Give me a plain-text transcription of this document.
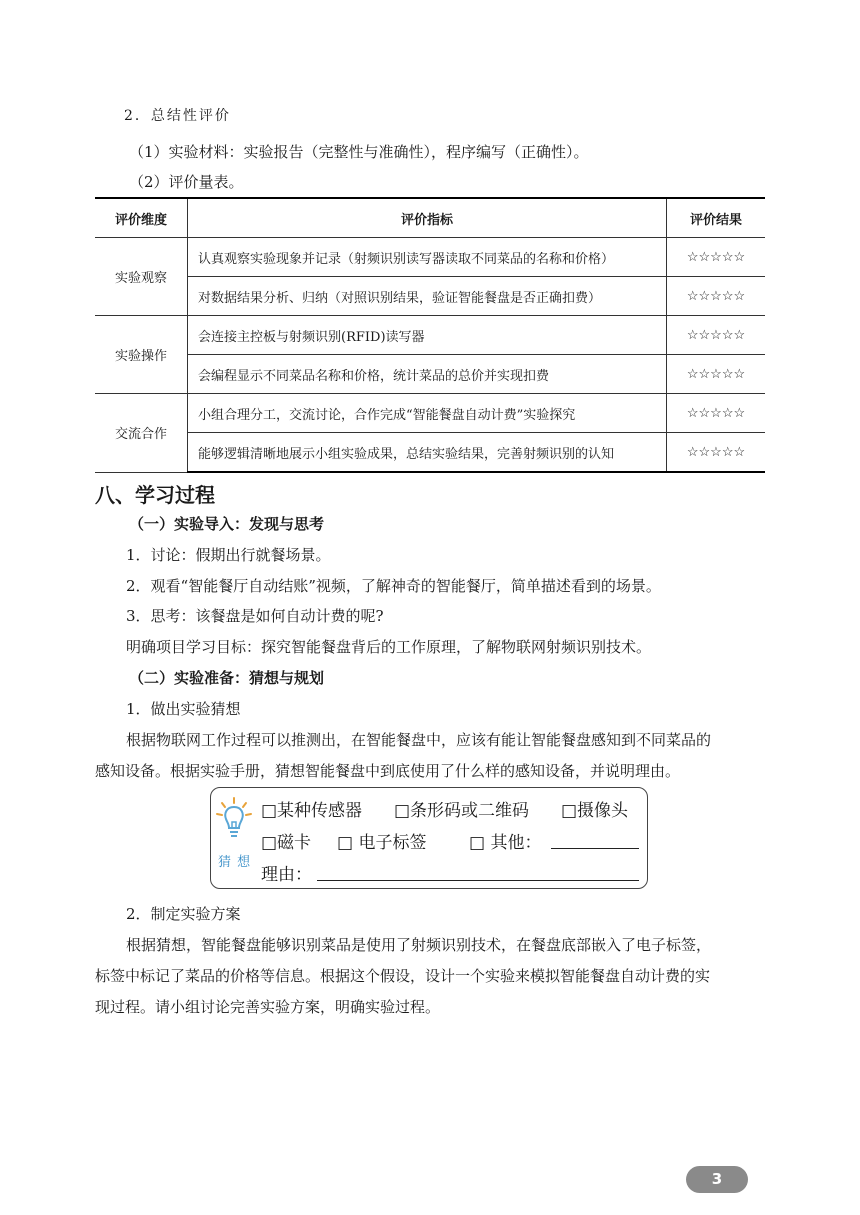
2．总结性评价
（1）实验材料：实验报告（完整性与准确性），程序编写（正确性）。
（2）评价量表。
评价维度	评价指标	评价结果
实验观察	认真观察实验现象并记录（射频识别读写器读取不同菜品的名称和价格）	☆☆☆☆☆
	对数据结果分析、归纳（对照识别结果，验证智能餐盘是否正确扣费）	☆☆☆☆☆
实验操作	会连接主控板与射频识别(RFID)读写器	☆☆☆☆☆
	会编程显示不同菜品名称和价格，统计菜品的总价并实现扣费	☆☆☆☆☆
交流合作	小组合理分工，交流讨论，合作完成“智能餐盘自动计费”实验探究	☆☆☆☆☆
	能够逻辑清晰地展示小组实验成果，总结实验结果，完善射频识别的认知	☆☆☆☆☆
八、学习过程
（一）实验导入：发现与思考
1．讨论：假期出行就餐场景。
2．观看“智能餐厅自动结账”视频，了解神奇的智能餐厅，简单描述看到的场景。
3．思考：该餐盘是如何自动计费的呢?
明确项目学习目标：探究智能餐盘背后的工作原理，了解物联网射频识别技术。
（二）实验准备：猜想与规划
1．做出实验猜想
根据物联网工作过程可以推测出，在智能餐盘中，应该有能让智能餐盘感知到不同菜品的
感知设备。根据实验手册，猜想智能餐盘中到底使用了什么样的感知设备，并说明理由。
猜 想
□某种传感器 □条形码或二维码 □摄像头
□磁卡 □ 电子标签	□ 其他：
理由：
2．制定实验方案
根据猜想，智能餐盘能够识别菜品是使用了射频识别技术，在餐盘底部嵌入了电子标签，
标签中标记了菜品的价格等信息。根据这个假设，设计一个实验来模拟智能餐盘自动计费的实
现过程。请小组讨论完善实验方案，明确实验过程。
3
